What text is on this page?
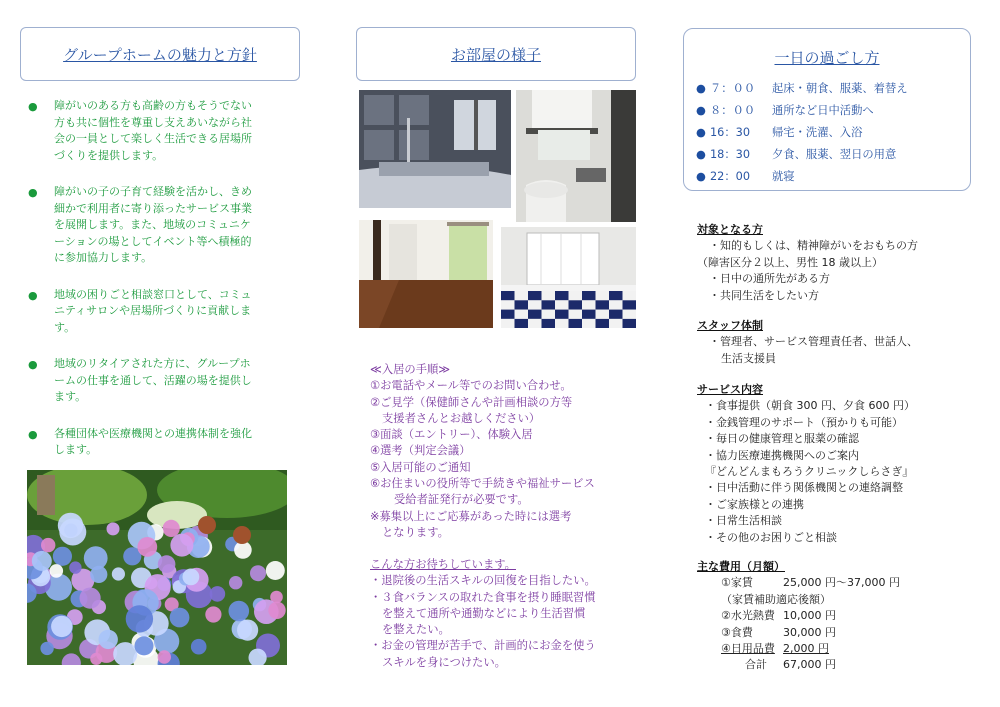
グループホームの魅力と方針
●	障がいのある方も高齢の方もそうでない
方も共に個性を尊重し支えあいながら社
会の一員として楽しく生活できる居場所
づくりを提供します。
●	障がいの子の子育て経験を活かし、きめ
細かで利用者に寄り添ったサービス事業
を展開します。また、地域のコミュニケ
ーションの場としてイベント等へ積極的
に参加協力します。
●	地域の困りごと相談窓口として、コミュ
ニティサロンや居場所づくりに貢献しま
す。
●	地域のリタイアされた方に、グループホ
ームの仕事を通して、活躍の場を提供し
ます。
●	各種団体や医療機関との連携体制を強化
します。
お部屋の様子
≪入居の手順≫
①お電話やメール等でのお問い合わせ。
②ご見学（保健師さんや計画相談の方等
支援者さんとお越しください）
③面談（エントリー）、体験入居
④選考（判定会議）
⑤入居可能のご通知
⑥お住まいの役所等で手続きや福祉サービス
受給者証発行が必要です。
※募集以上にご応募があった時には選考
となります。
こんな方お待ちしています。
・退院後の生活スキルの回復を目指したい。
・３食バランスの取れた食事を摂り睡眠習慣
を整えて通所や通勤などにより生活習慣
を整えたい。
・お金の管理が苦手で、計画的にお金を使う
スキルを身につけたい。
一日の過ごし方
● ７：００	起床・朝食、服薬、着替え
● ８：００	通所など日中活動へ
● 16：30	帰宅・洗濯、入浴
● 18：30	夕食、服薬、翌日の用意
● 22：00	就寝
対象となる方
・知的もしくは、精神障がいをおもちの方
（障害区分２以上、男性 18 歳以上）
・日中の通所先がある方
・共同生活をしたい方
スタッフ体制
・管理者、サービス管理責任者、世話人、
生活支援員
サービス内容
・食事提供（朝食 300 円、夕食 600 円）
・金銭管理のサポート（預かりも可能）
・毎日の健康管理と服薬の確認
・協力医療連携機関へのご案内
『どんどんまもろうクリニックしらさぎ』
・日中活動に伴う関係機関との連絡調整
・ご家族様との連携
・日常生活相談
・その他のお困りごと相談
主な費用（月額）
①家賃	25,000 円～37,000 円
（家賃補助適応後額）
②水光熱費 10,000 円
③食費	30,000 円
④日用品費 2,000 円
合計	67,000 円
